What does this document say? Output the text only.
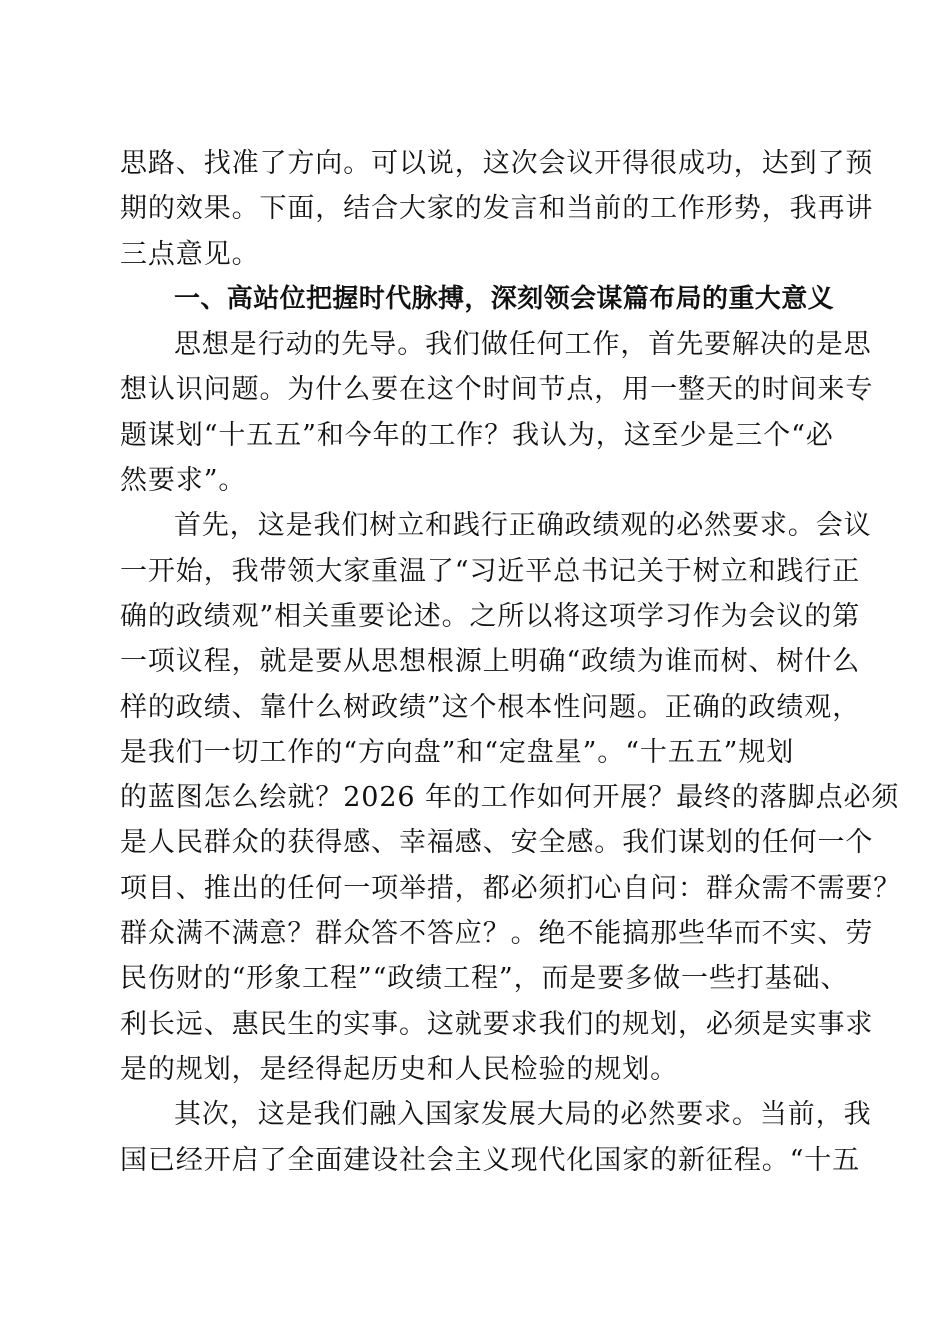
思路、找准了方向。可以说，这次会议开得很成功，达到了预
期的效果。下面，结合大家的发言和当前的工作形势，我再讲
三点意见。
一、高站位把握时代脉搏，深刻领会谋篇布局的重大意义
思想是行动的先导。我们做任何工作，首先要解决的是思
想认识问题。为什么要在这个时间节点，用一整天的时间来专
题谋划“十五五”和今年的工作？我认为，这至少是三个“必
然要求”。
首先，这是我们树立和践行正确政绩观的必然要求。会议
一开始，我带领大家重温了“习近平总书记关于树立和践行正
确的政绩观”相关重要论述。之所以将这项学习作为会议的第
一项议程，就是要从思想根源上明确“政绩为谁而树、树什么
样的政绩、靠什么树政绩”这个根本性问题。正确的政绩观，
是我们一切工作的“方向盘”和“定盘星”。“十五五”规划
的蓝图怎么绘就？2026 年的工作如何开展？最终的落脚点必须
是人民群众的获得感、幸福感、安全感。我们谋划的任何一个
项目、推出的任何一项举措，都必须扪心自问：群众需不需要？
群众满不满意？群众答不答应？。绝不能搞那些华而不实、劳
民伤财的“形象工程”“政绩工程”，而是要多做一些打基础、
利长远、惠民生的实事。这就要求我们的规划，必须是实事求
是的规划，是经得起历史和人民检验的规划。
其次，这是我们融入国家发展大局的必然要求。当前，我
国已经开启了全面建设社会主义现代化国家的新征程。“十五
